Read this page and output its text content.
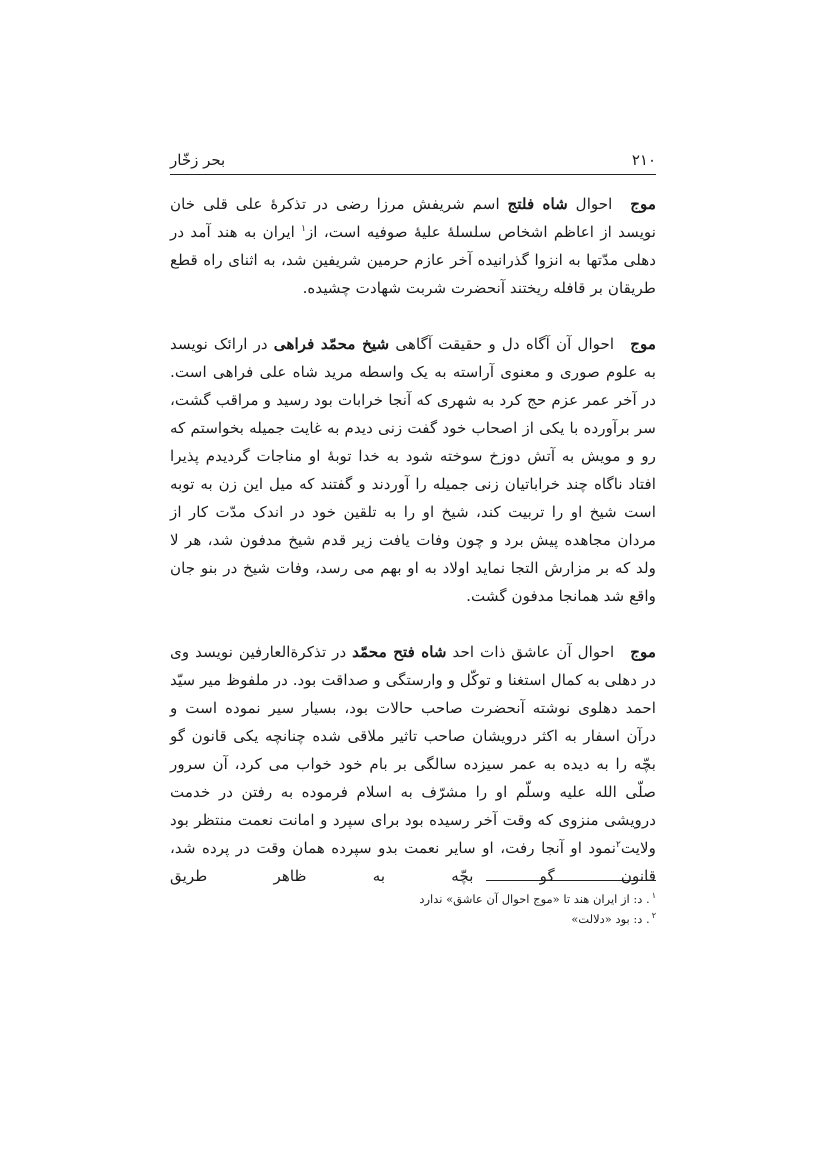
۲۱۰
بحر زخّار

موج احوال شاه فلتج اسم شریفش مرزا رضی در تذکرهٔ علی قلی خان نویسد از اعاظم اشخاص سلسلهٔ علیهٔ صوفیه است، از$^۱$ ایران به هند آمد در دهلی مدّتها به انزوا گذرانیده آخر عازم حرمین شریفین شد، به اثنای راه قطع طریقان بر قافله ریختند آنحضرت شربت شهادت چشیده.

موج احوال آن آگاه دل و حقیقت آگاهی شیخ محمّد فراهی در ارائک نویسد به علوم صوری و معنوی آراسته به یک واسطه مرید شاه علی فراهی است. در آخر عمر عزم حج کرد به شهری که آنجا خرابات بود رسید و مراقب گشت، سر برآورده با یکی از اصحاب خود گفت زنی دیدم به غایت جمیله بخواستم که رو و مویش به آتش دوزخ سوخته شود به خدا توبهٔ او مناجات گردیدم پذیرا افتاد ناگاه چند خراباتیان زنی جمیله را آوردند و گفتند که میل این زن به توبه است شیخ او را تربیت کند، شیخ او را به تلقین خود در اندک مدّت کار از مردان مجاهده پیش برد و چون وفات یافت زیر قدم شیخ مدفون شد، هر لا ولد که بر مزارش التجا نماید اولاد به او بهم می رسد، وفات شیخ در بنو جان واقع شد همانجا مدفون گشت.

موج احوال آن عاشق ذات احد شاه فتح محمّد در تذکرةالعارفین نویسد وی در دهلی به کمال استغنا و توکّل و وارستگی و صداقت بود. در ملفوظ میر سیّد احمد دهلوی نوشته آنحضرت صاحب حالات بود، بسیار سیر نموده است و درآن اسفار به اکثر درویشان صاحب تاثیر ملاقی شده چنانچه یکی قانون گو بچّه را به دیده به عمر سیزده سالگی بر بام خود خواب می کرد، آن سرور صلّی الله علیه وسلّم او را مشرّف به اسلام فرموده به رفتن در خدمت درویشی منزوی که وقت آخر رسیده بود برای سپرد و امانت نعمت منتظر بود ولایت$^۲$نمود او آنجا رفت، او سایر نعمت بدو سپرده همان وقت در پرده شد، قانون گو بچّه به ظاهر طریق

$^۱$. د: از ایران هند تا «موج احوال آن عاشق» ندارد
$^۲$. د: بود «دلالت»
